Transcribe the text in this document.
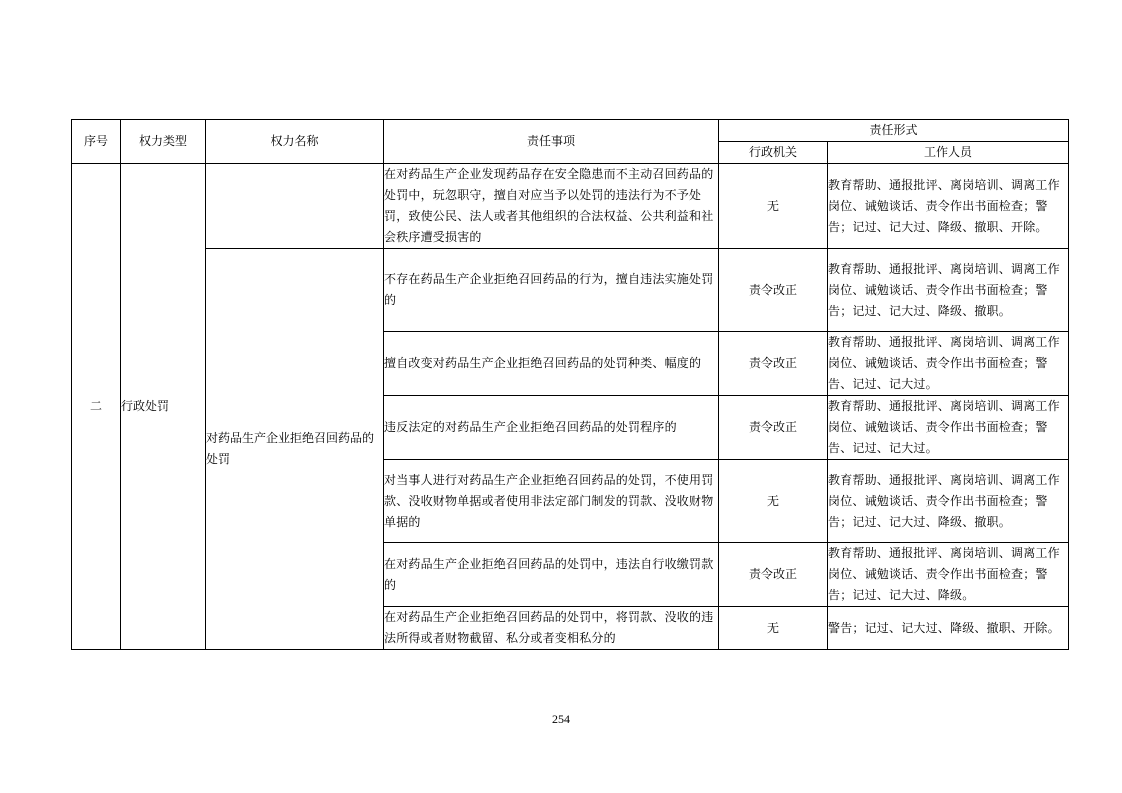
序号	权力类型	权力名称	责任事项	责任形式	
				行政机关	工作人员
二	行政处罚		在对药品生产企业发现药品存在安全隐患而不主动召回药品的处罚中，玩忽职守，擅自对应当予以处罚的违法行为不予处罚，致使公民、法人或者其他组织的合法权益、公共利益和社会秩序遭受损害的	无	教育帮助、通报批评、离岗培训、调离工作岗位、诫勉谈话、责令作出书面检查；警告；记过、记大过、降级、撤职、开除。
		对药品生产企业拒绝召回药品的处罚	不存在药品生产企业拒绝召回药品的行为，擅自违法实施处罚的	责令改正	教育帮助、通报批评、离岗培训、调离工作岗位、诫勉谈话、责令作出书面检查；警告；记过、记大过、降级、撤职。
			擅自改变对药品生产企业拒绝召回药品的处罚种类、幅度的	责令改正	教育帮助、通报批评、离岗培训、调离工作岗位、诫勉谈话、责令作出书面检查；警告、记过、记大过。
			违反法定的对药品生产企业拒绝召回药品的处罚程序的	责令改正	教育帮助、通报批评、离岗培训、调离工作岗位、诫勉谈话、责令作出书面检查；警告、记过、记大过。
			对当事人进行对药品生产企业拒绝召回药品的处罚，不使用罚款、没收财物单据或者使用非法定部门制发的罚款、没收财物单据的	无	教育帮助、通报批评、离岗培训、调离工作岗位、诫勉谈话、责令作出书面检查；警告；记过、记大过、降级、撤职。
			在对药品生产企业拒绝召回药品的处罚中，违法自行收缴罚款的	责令改正	教育帮助、通报批评、离岗培训、调离工作岗位、诫勉谈话、责令作出书面检查；警告；记过、记大过、降级。
			在对药品生产企业拒绝召回药品的处罚中，将罚款、没收的违法所得或者财物截留、私分或者变相私分的	无	警告；记过、记大过、降级、撤职、开除。
254
